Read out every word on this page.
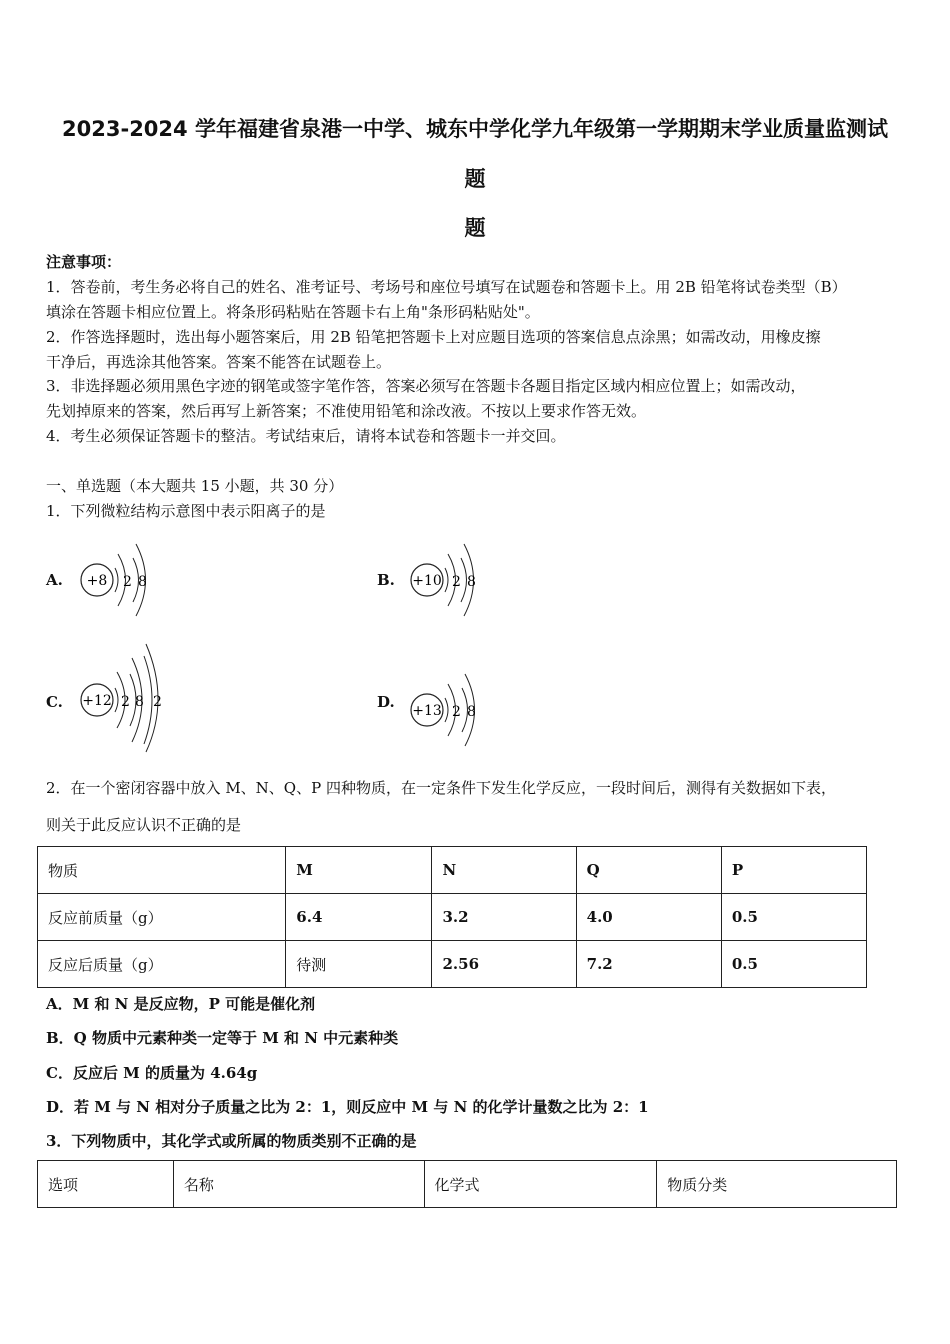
2023-2024 学年福建省泉港一中学、城东中学化学九年级第一学期期末学业质量监测试
题
题
注意事项：
1．答卷前，考生务必将自己的姓名、准考证号、考场号和座位号填写在试题卷和答题卡上。用 2B 铅笔将试卷类型（B）
填涂在答题卡相应位置上。将条形码粘贴在答题卡右上角"条形码粘贴处"。
2．作答选择题时，选出每小题答案后，用 2B 铅笔把答题卡上对应题目选项的答案信息点涂黑；如需改动，用橡皮擦
干净后，再选涂其他答案。答案不能答在试题卷上。
3．非选择题必须用黑色字迹的钢笔或签字笔作答，答案必须写在答题卡各题目指定区域内相应位置上；如需改动，
先划掉原来的答案，然后再写上新答案；不准使用铅笔和涂改液。不按以上要求作答无效。
4．考生必须保证答题卡的整洁。考试结束后，请将本试卷和答题卡一并交回。
一、单选题（本大题共 15 小题，共 30 分）
1．下列微粒结构示意图中表示阳离子的是
A. +8 2 8	B. +10 2 8
C. +12 2 8 2	D. +13 2 8
2．在一个密闭容器中放入 M、N、Q、P 四种物质，在一定条件下发生化学反应，一段时间后，测得有关数据如下表，
则关于此反应认识不正确的是
物质	M	N	Q	P
反应前质量（g）	6.4	3.2	4.0	0.5
反应后质量（g）	待测	2.56	7.2	0.5
A．M 和 N 是反应物，P 可能是催化剂
B．Q 物质中元素种类一定等于 M 和 N 中元素种类
C．反应后 M 的质量为 4.64g
D．若 M 与 N 相对分子质量之比为 2：1，则反应中 M 与 N 的化学计量数之比为 2：1
3．下列物质中，其化学式或所属的物质类别不正确的是
选项	名称	化学式	物质分类
